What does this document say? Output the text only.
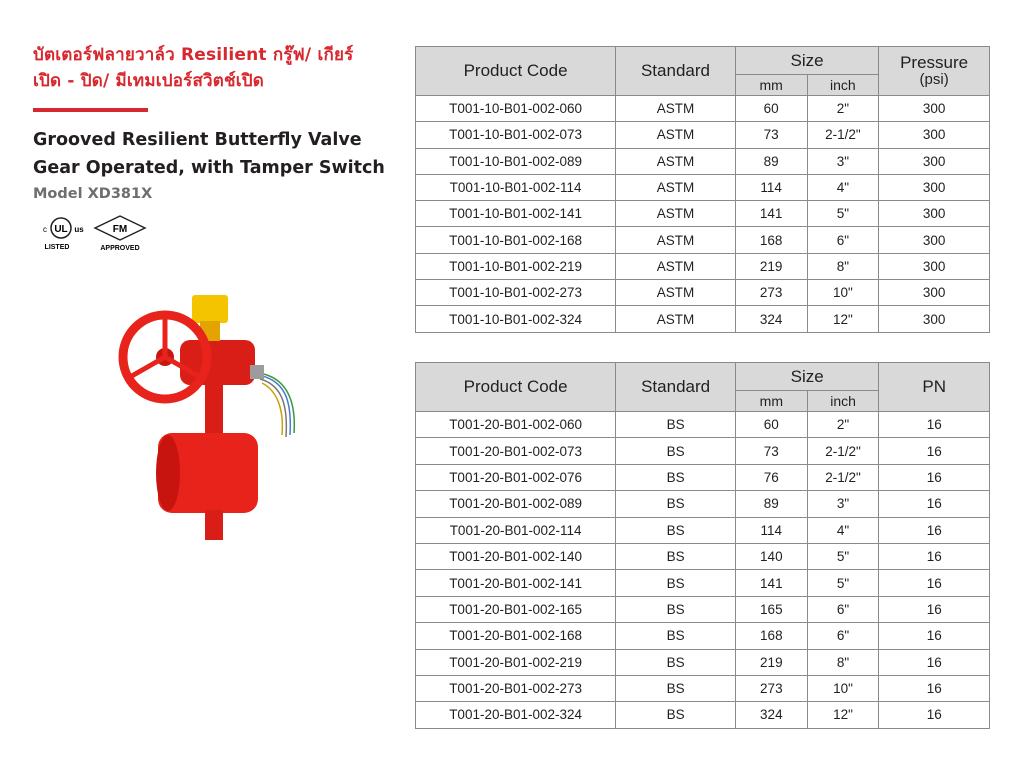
บัตเตอร์ฟลายวาล์ว Resilient กรู๊ฟ/ เกียร์
เปิด - ปิด/ มีเทมเปอร์สวิตช์เปิด
Grooved Resilient Butterfly Valve
Gear Operated, with Tamper Switch
Model XD381X
UL
c	us
LISTED
FM
APPROVED
Product Code	Standard	Size		Pressure
(psi)

		mm	inch	
T001-10-B01-002-060	ASTM	60	2"	300
T001-10-B01-002-073	ASTM	73	2-1/2"	300
T001-10-B01-002-089	ASTM	89	3"	300
T001-10-B01-002-114	ASTM	114	4"	300
T001-10-B01-002-141	ASTM	141	5"	300
T001-10-B01-002-168	ASTM	168	6"	300
T001-10-B01-002-219	ASTM	219	8"	300
T001-10-B01-002-273	ASTM	273	10"	300
T001-10-B01-002-324	ASTM	324	12"	300
Product Code	Standard	Size		PN
		mm	inch	
T001-20-B01-002-060	BS	60	2"	16
T001-20-B01-002-073	BS	73	2-1/2"	16
T001-20-B01-002-076	BS	76	2-1/2"	16
T001-20-B01-002-089	BS	89	3"	16
T001-20-B01-002-114	BS	114	4"	16
T001-20-B01-002-140	BS	140	5"	16
T001-20-B01-002-141	BS	141	5"	16
T001-20-B01-002-165	BS	165	6"	16
T001-20-B01-002-168	BS	168	6"	16
T001-20-B01-002-219	BS	219	8"	16
T001-20-B01-002-273	BS	273	10"	16
T001-20-B01-002-324	BS	324	12"	16
